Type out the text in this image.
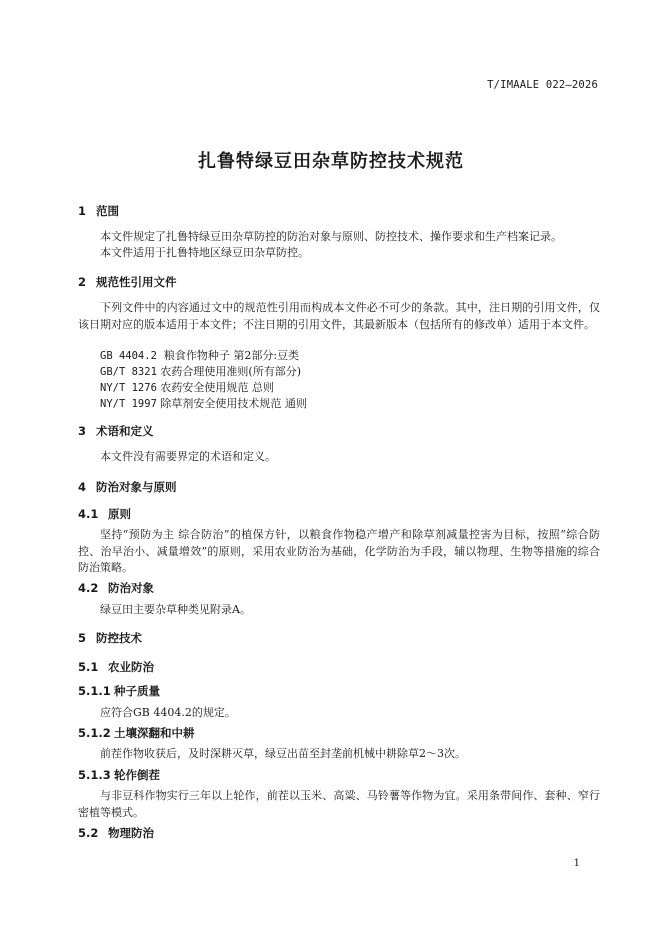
T/IMAALE 022—2026
扎鲁特绿豆田杂草防控技术规范
1 范围
本文件规定了扎鲁特绿豆田杂草防控的防治对象与原则、防控技术、操作要求和生产档案记录。
本文件适用于扎鲁特地区绿豆田杂草防控。
2 规范性引用文件
下列文件中的内容通过文中的规范性引用而构成本文件必不可少的条款。其中，注日期的引用文件，仅该日期对应的版本适用于本文件；不注日期的引用文件，其最新版本（包括所有的修改单）适用于本文件。
GB 4404.2 粮食作物种子 第2部分:豆类
GB/T 8321 农药合理使用准则(所有部分)
NY/T 1276 农药安全使用规范 总则
NY/T 1997 除草剂安全使用技术规范 通则
3 术语和定义
本文件没有需要界定的术语和定义。
4 防治对象与原则
4.1 原则
坚持“预防为主 综合防治”的植保方针，以粮食作物稳产增产和除草剂减量控害为目标，按照“综合防控、治早治小、减量增效”的原则，采用农业防治为基础，化学防治为手段，辅以物理、生物等措施的综合防治策略。
4.2 防治对象
绿豆田主要杂草种类见附录A。
5 防控技术
5.1 农业防治
5.1.1 种子质量
应符合GB 4404.2的规定。
5.1.2 土壤深翻和中耕
前茬作物收获后，及时深耕灭草，绿豆出苗至封垄前机械中耕除草2～3次。
5.1.3 轮作倒茬
与非豆科作物实行三年以上轮作，前茬以玉米、高粱、马铃薯等作物为宜。采用条带间作、套种、窄行密植等模式。
5.2 物理防治
1
